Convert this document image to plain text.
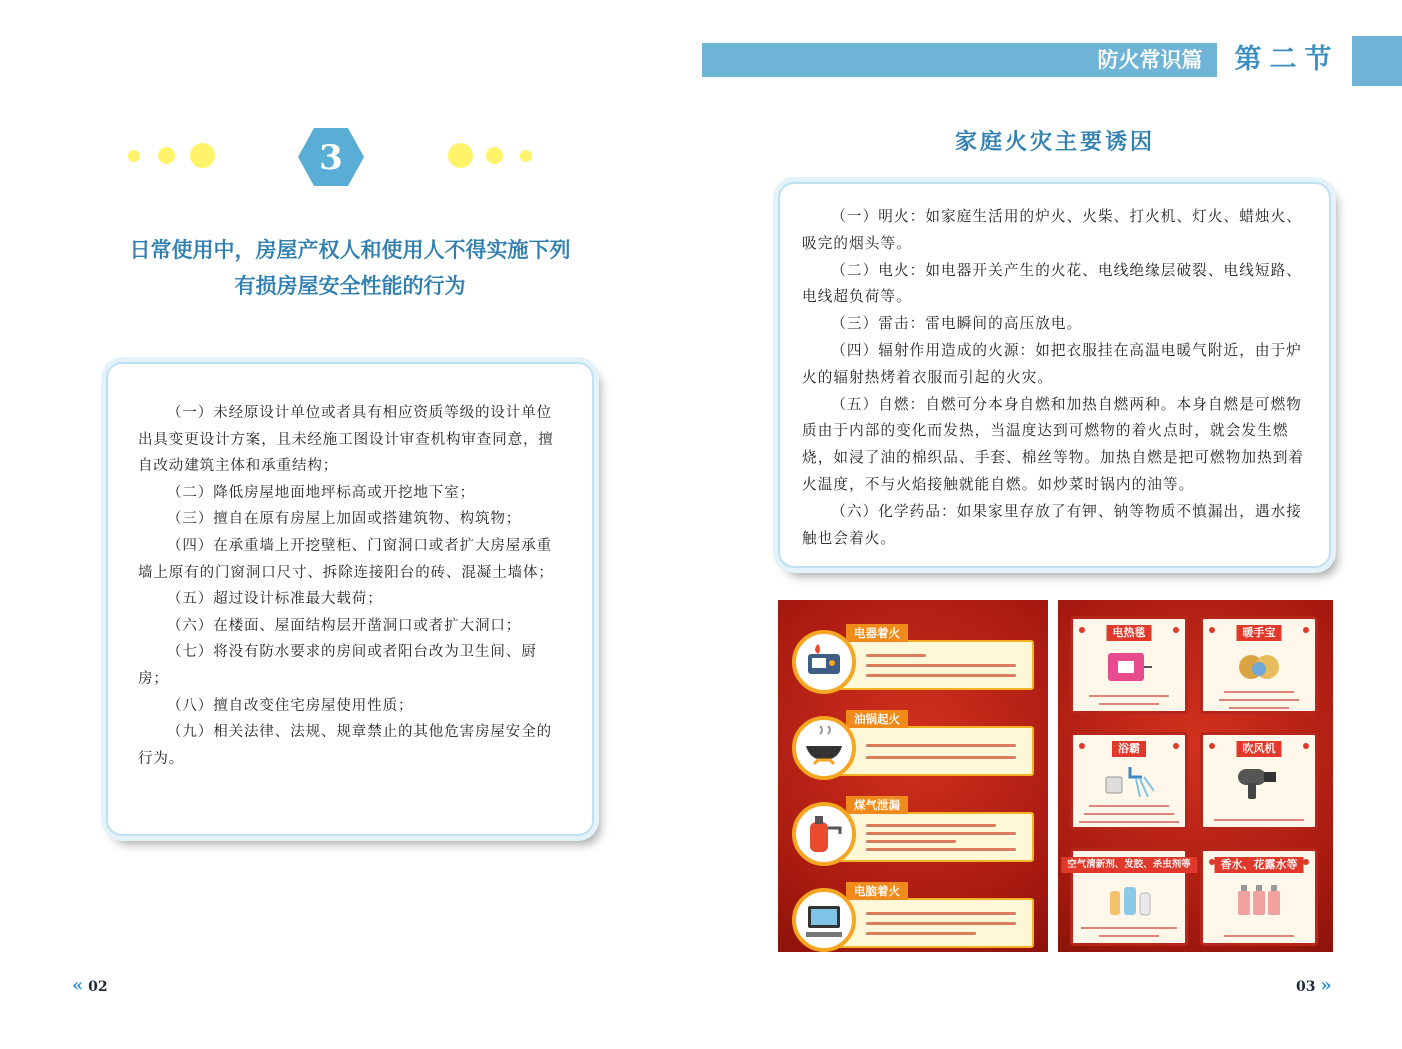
防火常识篇 第二节
3
日常使用中，房屋产权人和使用人不得实施下列
有损房屋安全性能的行为

（一）未经原设计单位或者具有相应资质等级的设计单位出具变更设计方案，且未经施工图设计审查机构审查同意，擅自改动建筑主体和承重结构；

（二）降低房屋地面地坪标高或开挖地下室；

（三）擅自在原有房屋上加固或搭建筑物、构筑物；

（四）在承重墙上开挖壁柜、门窗洞口或者扩大房屋承重墙上原有的门窗洞口尺寸、拆除连接阳台的砖、混凝土墙体；

（五）超过设计标准最大载荷；

（六）在楼面、屋面结构层开凿洞口或者扩大洞口；

（七）将没有防水要求的房间或者阳台改为卫生间、厨房；

（八）擅自改变住宅房屋使用性质；

（九）相关法律、法规、规章禁止的其他危害房屋安全的行为。

家庭火灾主要诱因

（一）明火：如家庭生活用的炉火、火柴、打火机、灯火、蜡烛火、吸完的烟头等。

（二）电火：如电器开关产生的火花、电线绝缘层破裂、电线短路、电线超负荷等。

（三）雷击：雷电瞬间的高压放电。

（四）辐射作用造成的火源：如把衣服挂在高温电暖气附近，由于炉火的辐射热烤着衣服而引起的火灾。

（五）自燃：自燃可分本身自燃和加热自燃两种。本身自燃是可燃物质由于内部的变化而发热，当温度达到可燃物的着火点时，就会发生燃烧，如浸了油的棉织品、手套、棉丝等物。加热自燃是把可燃物加热到着火温度，不与火焰接触就能自燃。如炒菜时锅内的油等。

（六）化学药品：如果家里存放了有钾、钠等物质不慎漏出，遇水接触也会着火。

电器着火
油锅起火
煤气泄漏
电脑着火
电热毯	暖手宝
浴霸	吹风机
空气清新剂、发胶、杀虫剂等	香水、花露水等
« 02	03 »
